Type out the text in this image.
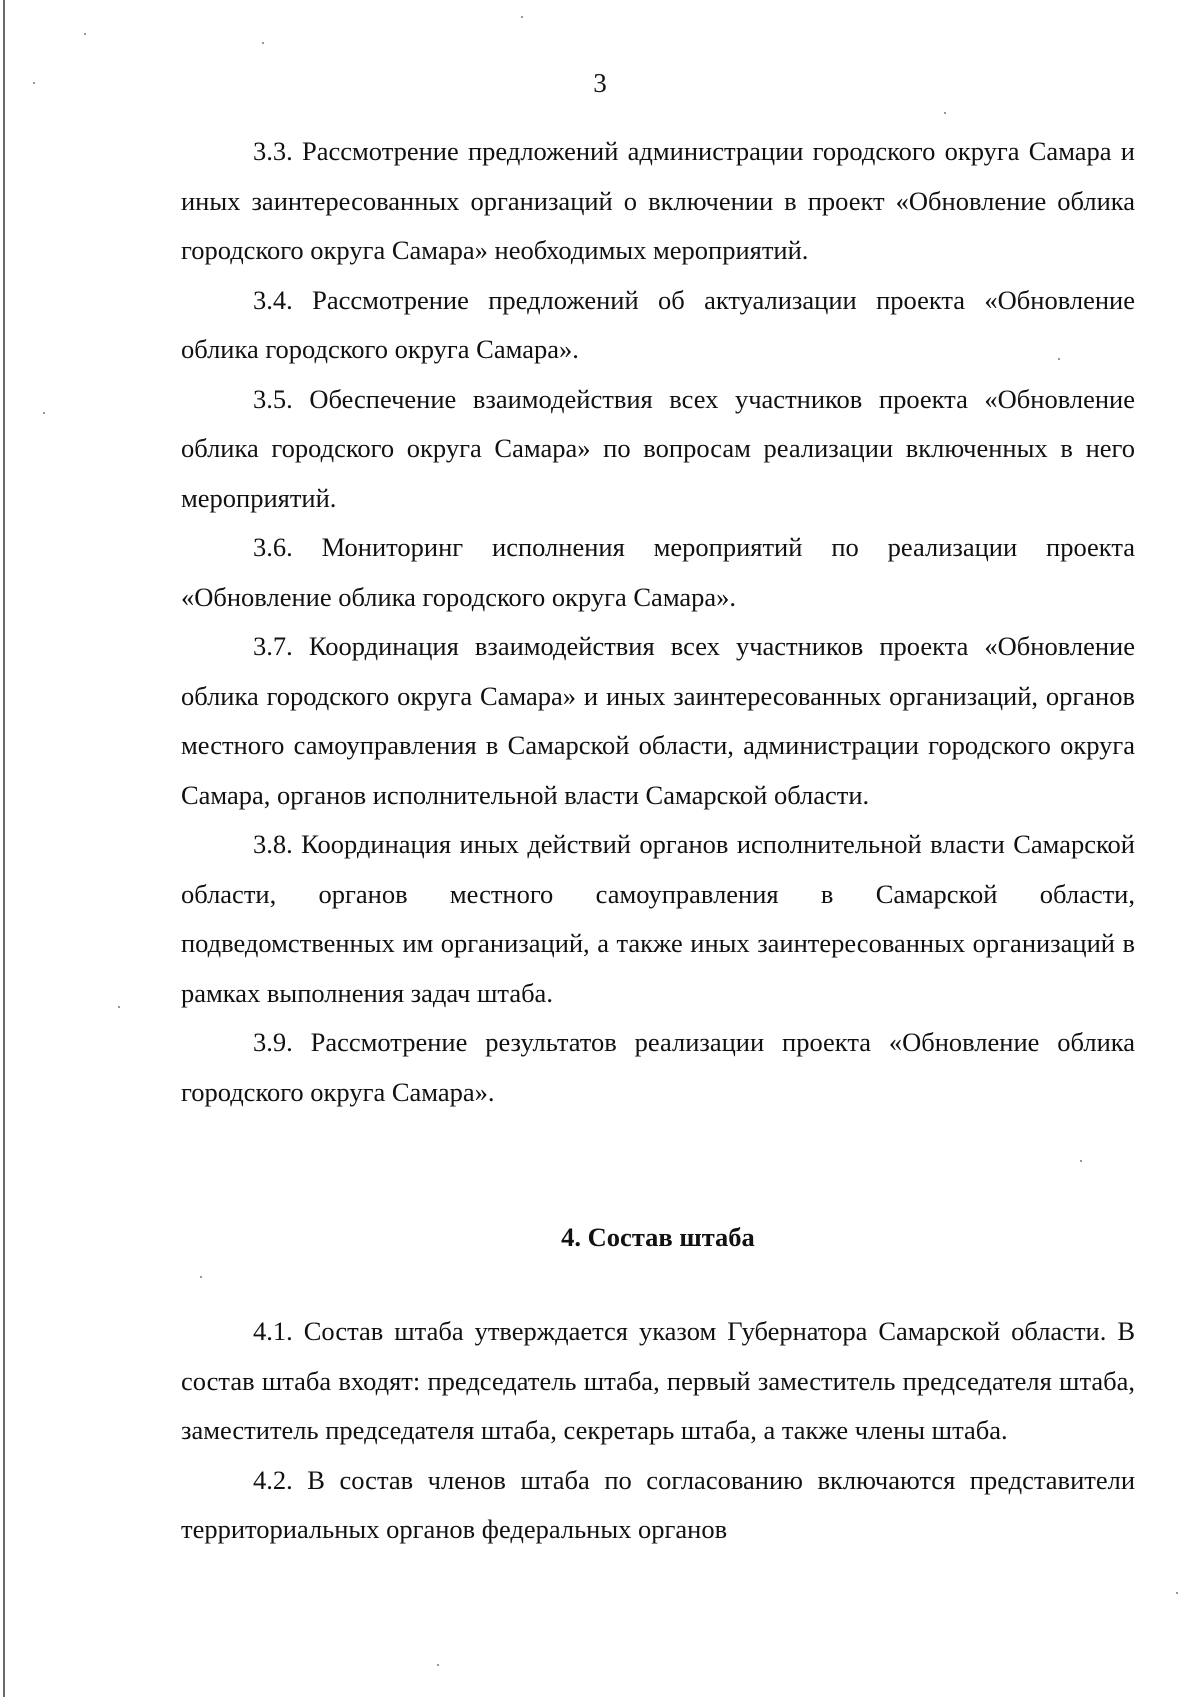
3

3.3. Рассмотрение предложений администрации городского округа Самара и иных заинтересованных организаций о включении в проект «Обновление облика городского округа Самара» необходимых мероприятий.

3.4. Рассмотрение предложений об актуализации проекта «Обновление облика городского округа Самара».

3.5. Обеспечение взаимодействия всех участников проекта «Обновление облика городского округа Самара» по вопросам реализации включенных в него мероприятий.

3.6. Мониторинг исполнения мероприятий по реализации проекта «Обновление облика городского округа Самара».

3.7. Координация взаимодействия всех участников проекта «Обновление облика городского округа Самара» и иных заинтересованных организаций, органов местного самоуправления в Самарской области, администрации городского округа Самара, органов исполнительной власти Самарской области.

3.8. Координация иных действий органов исполнительной власти Самарской области, органов местного самоуправления в Самарской области, подведомственных им организаций, а также иных заинтересованных организаций в рамках выполнения задач штаба.

3.9. Рассмотрение результатов реализации проекта «Обновление облика городского округа Самара».

4. Состав штаба

4.1. Состав штаба утверждается указом Губернатора Самарской области. В состав штаба входят: председатель штаба, первый заместитель председателя штаба, заместитель председателя штаба, секретарь штаба, а также члены штаба.

4.2. В состав членов штаба по согласованию включаются представители территориальных органов федеральных органов
